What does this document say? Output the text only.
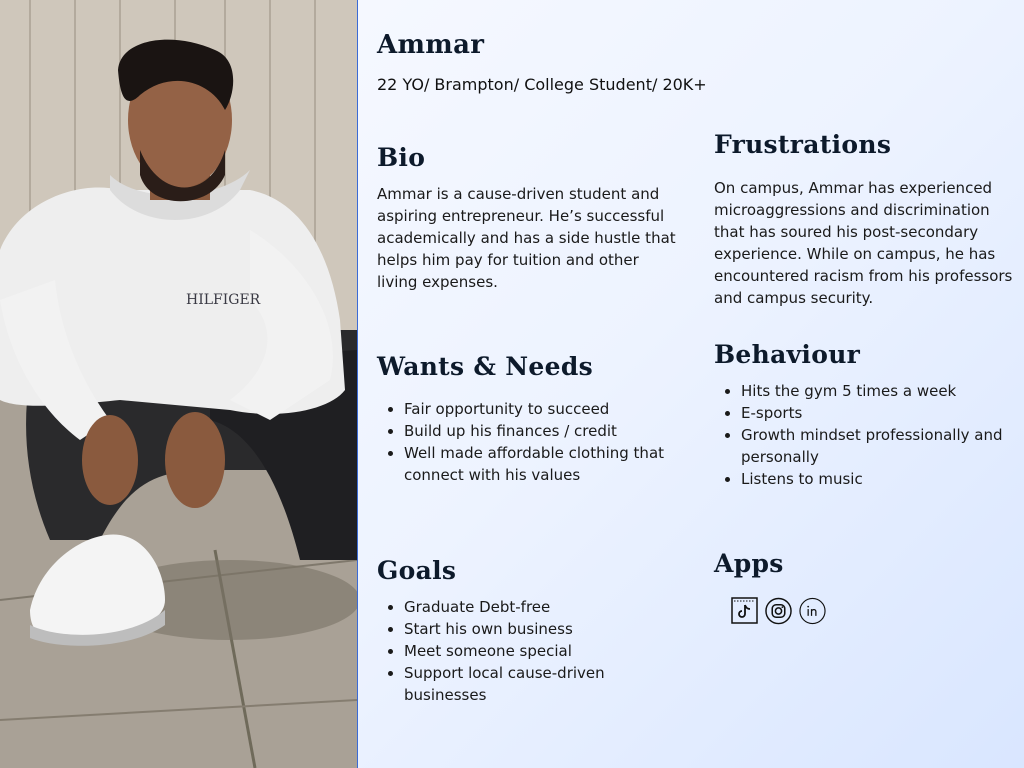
HILFIGER
Ammar
22 YO/ Brampton/ College Student/ 20K+
Bio

Ammar is a cause-driven student and aspiring entrepreneur. He’s successful academically and has a side hustle that helps him pay for tuition and other living expenses.

Wants & Needs
• Fair opportunity to succeed
• Build up his finances / credit
• Well made affordable clothing that connect with his values
Goals
• Graduate Debt-free
• Start his own business
• Meet someone special
• Support local cause-driven businesses
Frustrations

On campus, Ammar has experienced microaggressions and discrimination that has soured his post-secondary experience. While on campus, he has encountered racism from his professors and campus security.

Behaviour
• Hits the gym 5 times a week
• E-sports
• Growth mindset professionally and personally
• Listens to music
Apps
